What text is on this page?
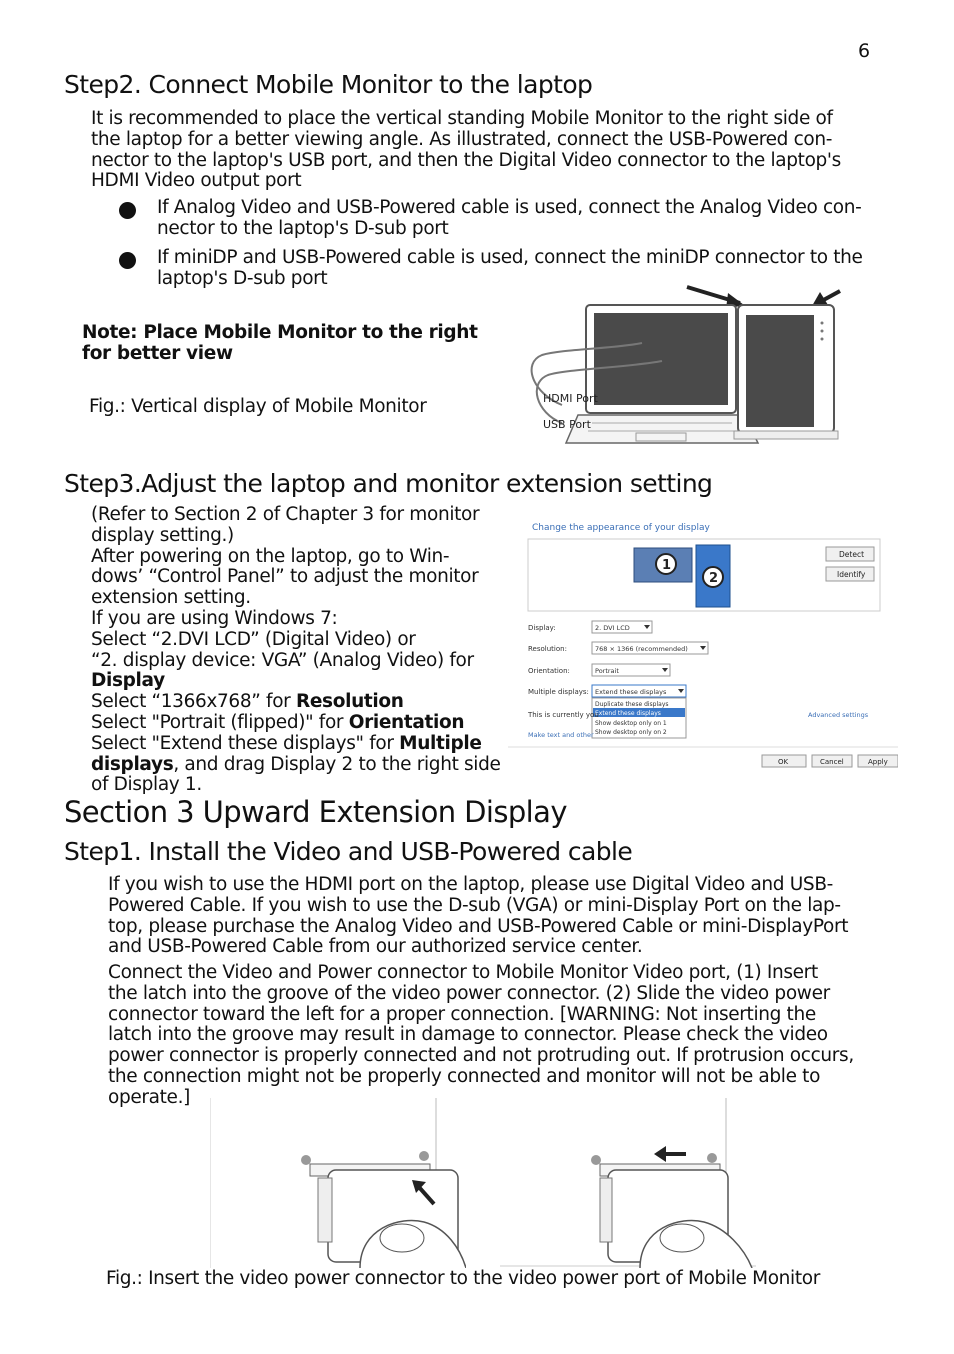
6
Step2. Connect Mobile Monitor to the laptop

It is recommended to place the vertical standing Mobile Monitor to the right side of

the laptop for a better viewing angle. As illustrated, connect the USB-Powered con-

nector to the laptop's USB port, and then the Digital Video connector to the laptop's

HDMI Video output port

If Analog Video and USB-Powered cable is used, connect the Analog Video con-

nector to the laptop's D-sub port

If miniDP and USB-Powered cable is used, connect the miniDP connector to the

laptop's D-sub port

Note: Place Mobile Monitor to the right

for better view

Fig.: Vertical display of Mobile Monitor	HDMI Port
USB Port
Step3.Adjust the laptop and monitor extension setting

(Refer to Section 2 of Chapter 3 for monitor

display setting.)

After powering on the laptop, go to Win-

dows’ “Control Panel” to adjust the monitor

extension setting.

If you are using Windows 7:

Select “2.DVI LCD” (Digital Video) or

“2. display device: VGA” (Analog Video) for

Display

Select “1366x768” for Resolution

Select "Portrait (flipped)" for Orientation

Select "Extend these displays" for Multiple

displays, and drag Display 2 to the right side

of Display 1.

Change the appearance of your display
1
2
Detect
Identify
Display:	2. DVI LCD
Resolution:	768 × 1366 (recommended)
Orientation:	Portrait
Multiple displays: Extend these displays
Duplicate these displays
Extend these displays
Show desktop only on 1
Show desktop only on 2
This is currently you	Advanced settings
Make text and other
OK	Cancel	Apply
Section 3 Upward Extension Display
Step1. Install the Video and USB-Powered cable

If you wish to use the HDMI port on the laptop, please use Digital Video and USB-

Powered Cable. If you wish to use the D-sub (VGA) or mini-Display Port on the lap-

top, please purchase the Analog Video and USB-Powered Cable or mini-DisplayPort

and USB-Powered Cable from our authorized service center.

Connect the Video and Power connector to Mobile Monitor Video port, (1) Insert

the latch into the groove of the video power connector. (2) Slide the video power

connector toward the left for a proper connection. [WARNING: Not inserting the

latch into the groove may result in damage to connector. Please check the video

power connector is properly connected and not protruding out. If protrusion occurs,

the connection might not be properly connected and monitor will not be able to

operate.]

Fig.: Insert the video power connector to the video power port of Mobile Monitor
